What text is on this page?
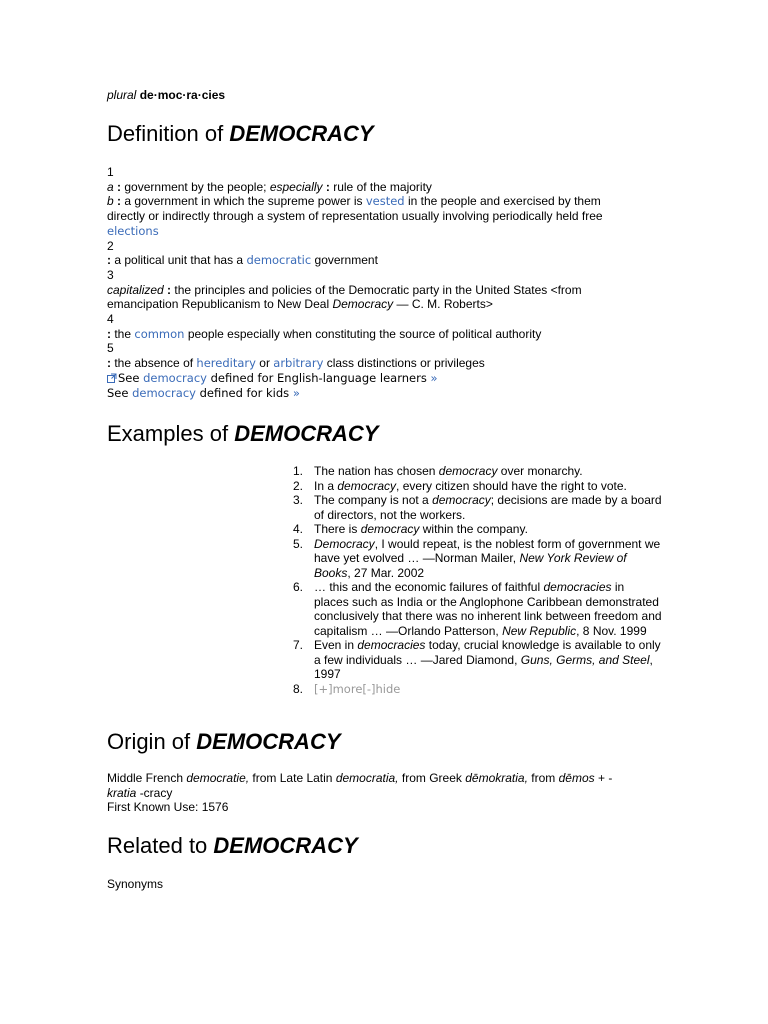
plural de·moc·ra·cies
Definition of DEMOCRACY
1
a : government by the people; especially : rule of the majority
b : a government in which the supreme power is vested in the people and exercised by them directly or indirectly through a system of representation usually involving periodically held free elections
2
: a political unit that has a democratic government
3
capitalized : the principles and policies of the Democratic party in the United States <from emancipation Republicanism to New Deal Democracy — C. M. Roberts>
4
: the common people especially when constituting the source of political authority
5
: the absence of hereditary or arbitrary class distinctions or privileges
See democracy defined for English-language learners »
See democracy defined for kids »
Examples of DEMOCRACY
1. The nation has chosen democracy over monarchy.
2. In a democracy, every citizen should have the right to vote.
3. The company is not a democracy; decisions are made by a board of directors, not the workers.
4. There is democracy within the company.
5. Democracy, I would repeat, is the noblest form of government we have yet evolved … —Norman Mailer, New York Review of Books, 27 Mar. 2002
6. … this and the economic failures of faithful democracies in places such as India or the Anglophone Caribbean demonstrated conclusively that there was no inherent link between freedom and capitalism … —Orlando Patterson, New Republic, 8 Nov. 1999
7. Even in democracies today, crucial knowledge is available to only a few individuals … —Jared Diamond, Guns, Germs, and Steel, 1997
8. [+]more[-]hide
Origin of DEMOCRACY
Middle French democratie, from Late Latin democratia, from Greek dēmokratia, from dēmos + - kratia -cracy
First Known Use: 1576
Related to DEMOCRACY
Synonyms
